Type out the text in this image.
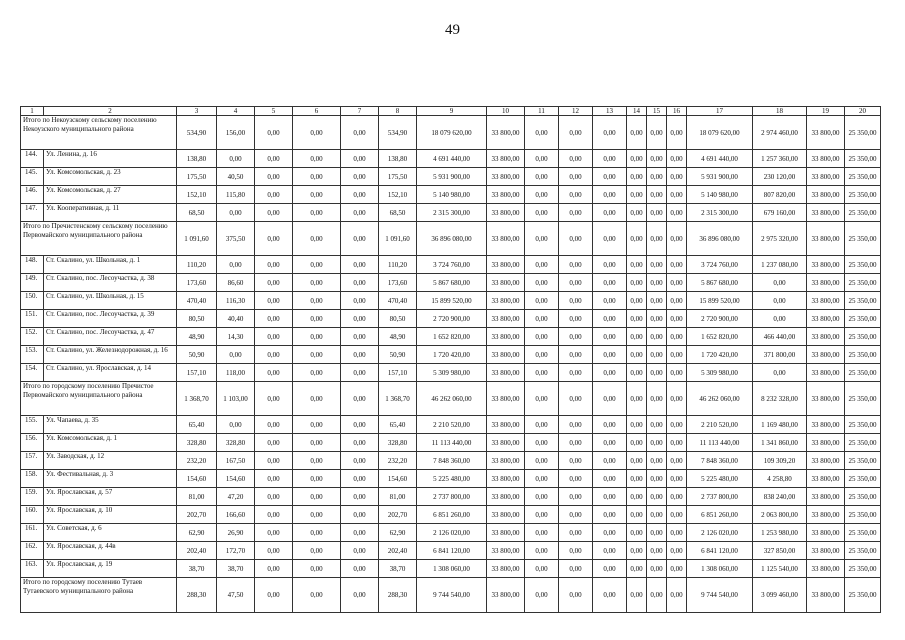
49
1	2	3	4	5	6	7	8	9	10	11	12	13	14	15	16	17	18	19	20
Итого по Некоузскому сельскому поселению Некоузского муниципального района		534,90	156,00	0,00	0,00	0,00	534,90	18 079 620,00	33 800,00	0,00	0,00	0,00	0,00	0,00	0,00	18 079 620,00	2 974 460,00	33 800,00	25 350,00
144.	Ул. Ленина, д. 16	138,80	0,00	0,00	0,00	0,00	138,80	4 691 440,00	33 800,00	0,00	0,00	0,00	0,00	0,00	0,00	4 691 440,00	1 257 360,00	33 800,00	25 350,00
145.	Ул. Комсомольская, д. 23	175,50	40,50	0,00	0,00	0,00	175,50	5 931 900,00	33 800,00	0,00	0,00	0,00	0,00	0,00	0,00	5 931 900,00	230 120,00	33 800,00	25 350,00
146.	Ул. Комсомольская, д. 27	152,10	115,80	0,00	0,00	0,00	152,10	5 140 980,00	33 800,00	0,00	0,00	0,00	0,00	0,00	0,00	5 140 980,00	807 820,00	33 800,00	25 350,00
147.	Ул. Кооперативная, д. 11	68,50	0,00	0,00	0,00	0,00	68,50	2 315 300,00	33 800,00	0,00	0,00	0,00	0,00	0,00	0,00	2 315 300,00	679 160,00	33 800,00	25 350,00
Итого по Пречистенскому сельскому поселению Первомайского муниципального района		1 091,60	375,50	0,00	0,00	0,00	1 091,60	36 896 080,00	33 800,00	0,00	0,00	0,00	0,00	0,00	0,00	36 896 080,00	2 975 320,00	33 800,00	25 350,00
148.	Ст. Скалино, ул. Школьная, д. 1	110,20	0,00	0,00	0,00	0,00	110,20	3 724 760,00	33 800,00	0,00	0,00	0,00	0,00	0,00	0,00	3 724 760,00	1 237 080,00	33 800,00	25 350,00
149.	Ст. Скалино, пос. Лесоучастка, д. 38	173,60	86,60	0,00	0,00	0,00	173,60	5 867 680,00	33 800,00	0,00	0,00	0,00	0,00	0,00	0,00	5 867 680,00	0,00	33 800,00	25 350,00
150.	Ст. Скалино, ул. Школьная, д. 15	470,40	116,30	0,00	0,00	0,00	470,40	15 899 520,00	33 800,00	0,00	0,00	0,00	0,00	0,00	0,00	15 899 520,00	0,00	33 800,00	25 350,00
151.	Ст. Скалино, пос. Лесоучастка, д. 39	80,50	40,40	0,00	0,00	0,00	80,50	2 720 900,00	33 800,00	0,00	0,00	0,00	0,00	0,00	0,00	2 720 900,00	0,00	33 800,00	25 350,00
152.	Ст. Скалино, пос. Лесоучастка, д. 47	48,90	14,30	0,00	0,00	0,00	48,90	1 652 820,00	33 800,00	0,00	0,00	0,00	0,00	0,00	0,00	1 652 820,00	466 440,00	33 800,00	25 350,00
153.	Ст. Скалино, ул. Железнодорожная, д. 16	50,90	0,00	0,00	0,00	0,00	50,90	1 720 420,00	33 800,00	0,00	0,00	0,00	0,00	0,00	0,00	1 720 420,00	371 800,00	33 800,00	25 350,00
154.	Ст. Скалино, ул. Ярославская, д. 14	157,10	118,00	0,00	0,00	0,00	157,10	5 309 980,00	33 800,00	0,00	0,00	0,00	0,00	0,00	0,00	5 309 980,00	0,00	33 800,00	25 350,00
Итого по городскому поселению Пречистое Первомайского муниципального района		1 368,70	1 103,00	0,00	0,00	0,00	1 368,70	46 262 060,00	33 800,00	0,00	0,00	0,00	0,00	0,00	0,00	46 262 060,00	8 232 328,00	33 800,00	25 350,00
155.	Ул. Чапаева, д. 35	65,40	0,00	0,00	0,00	0,00	65,40	2 210 520,00	33 800,00	0,00	0,00	0,00	0,00	0,00	0,00	2 210 520,00	1 169 480,00	33 800,00	25 350,00
156.	Ул. Комсомольская, д. 1	328,80	328,80	0,00	0,00	0,00	328,80	11 113 440,00	33 800,00	0,00	0,00	0,00	0,00	0,00	0,00	11 113 440,00	1 341 860,00	33 800,00	25 350,00
157.	Ул. Заводская, д. 12	232,20	167,50	0,00	0,00	0,00	232,20	7 848 360,00	33 800,00	0,00	0,00	0,00	0,00	0,00	0,00	7 848 360,00	109 309,20	33 800,00	25 350,00
158.	Ул. Фестивальная, д. 3	154,60	154,60	0,00	0,00	0,00	154,60	5 225 480,00	33 800,00	0,00	0,00	0,00	0,00	0,00	0,00	5 225 480,00	4 258,80	33 800,00	25 350,00
159.	Ул. Ярославская, д. 57	81,00	47,20	0,00	0,00	0,00	81,00	2 737 800,00	33 800,00	0,00	0,00	0,00	0,00	0,00	0,00	2 737 800,00	838 240,00	33 800,00	25 350,00
160.	Ул. Ярославская, д. 10	202,70	166,60	0,00	0,00	0,00	202,70	6 851 260,00	33 800,00	0,00	0,00	0,00	0,00	0,00	0,00	6 851 260,00	2 063 800,00	33 800,00	25 350,00
161.	Ул. Советская, д. 6	62,90	26,90	0,00	0,00	0,00	62,90	2 126 020,00	33 800,00	0,00	0,00	0,00	0,00	0,00	0,00	2 126 020,00	1 253 980,00	33 800,00	25 350,00
162.	Ул. Ярославская, д. 44в	202,40	172,70	0,00	0,00	0,00	202,40	6 841 120,00	33 800,00	0,00	0,00	0,00	0,00	0,00	0,00	6 841 120,00	327 850,00	33 800,00	25 350,00
163.	Ул. Ярославская, д. 19	38,70	38,70	0,00	0,00	0,00	38,70	1 308 060,00	33 800,00	0,00	0,00	0,00	0,00	0,00	0,00	1 308 060,00	1 125 540,00	33 800,00	25 350,00
Итого по городскому поселению Тутаев Тутаевского муниципального района		288,30	47,50	0,00	0,00	0,00	288,30	9 744 540,00	33 800,00	0,00	0,00	0,00	0,00	0,00	0,00	9 744 540,00	3 099 460,00	33 800,00	25 350,00
